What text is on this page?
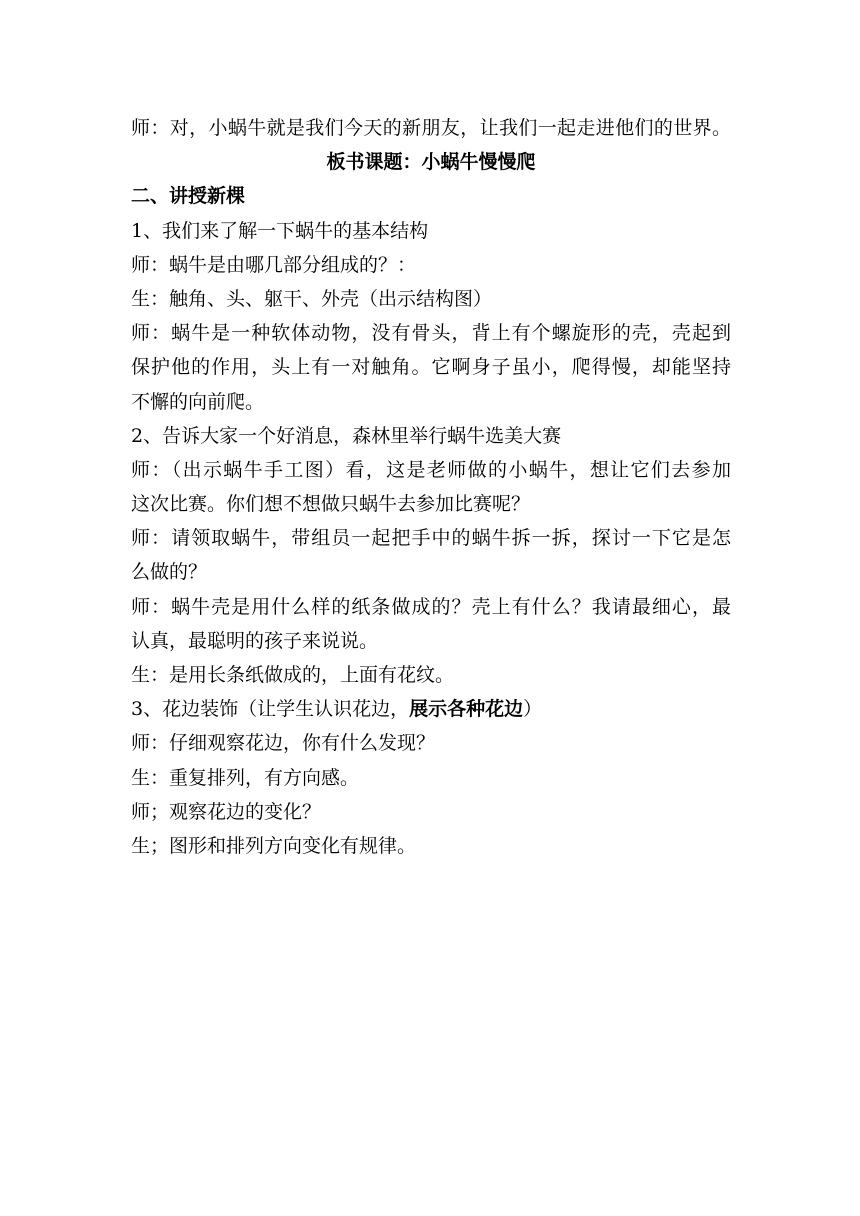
师：对，小蜗牛就是我们今天的新朋友，让我们一起走进他们的世界。
板书课题：小蜗牛慢慢爬
二、讲授新棵
1、我们来了解一下蜗牛的基本结构
师：蜗牛是由哪几部分组成的？：
生：触角、头、躯干、外壳（出示结构图）
师：蜗牛是一种软体动物，没有骨头，背上有个螺旋形的壳，壳起到
保护他的作用，头上有一对触角。它啊身子虽小，爬得慢，却能坚持
不懈的向前爬。
2、告诉大家一个好消息，森林里举行蜗牛选美大赛
师：（出示蜗牛手工图）看，这是老师做的小蜗牛，想让它们去参加
这次比赛。你们想不想做只蜗牛去参加比赛呢？
师：请领取蜗牛，带组员一起把手中的蜗牛拆一拆，探讨一下它是怎
么做的？
师：蜗牛壳是用什么样的纸条做成的？壳上有什么？我请最细心，最
认真，最聪明的孩子来说说。
生：是用长条纸做成的，上面有花纹。
3、花边装饰（让学生认识花边，展示各种花边）
师：仔细观察花边，你有什么发现？
生：重复排列，有方向感。
师；观察花边的变化？
生；图形和排列方向变化有规律。
